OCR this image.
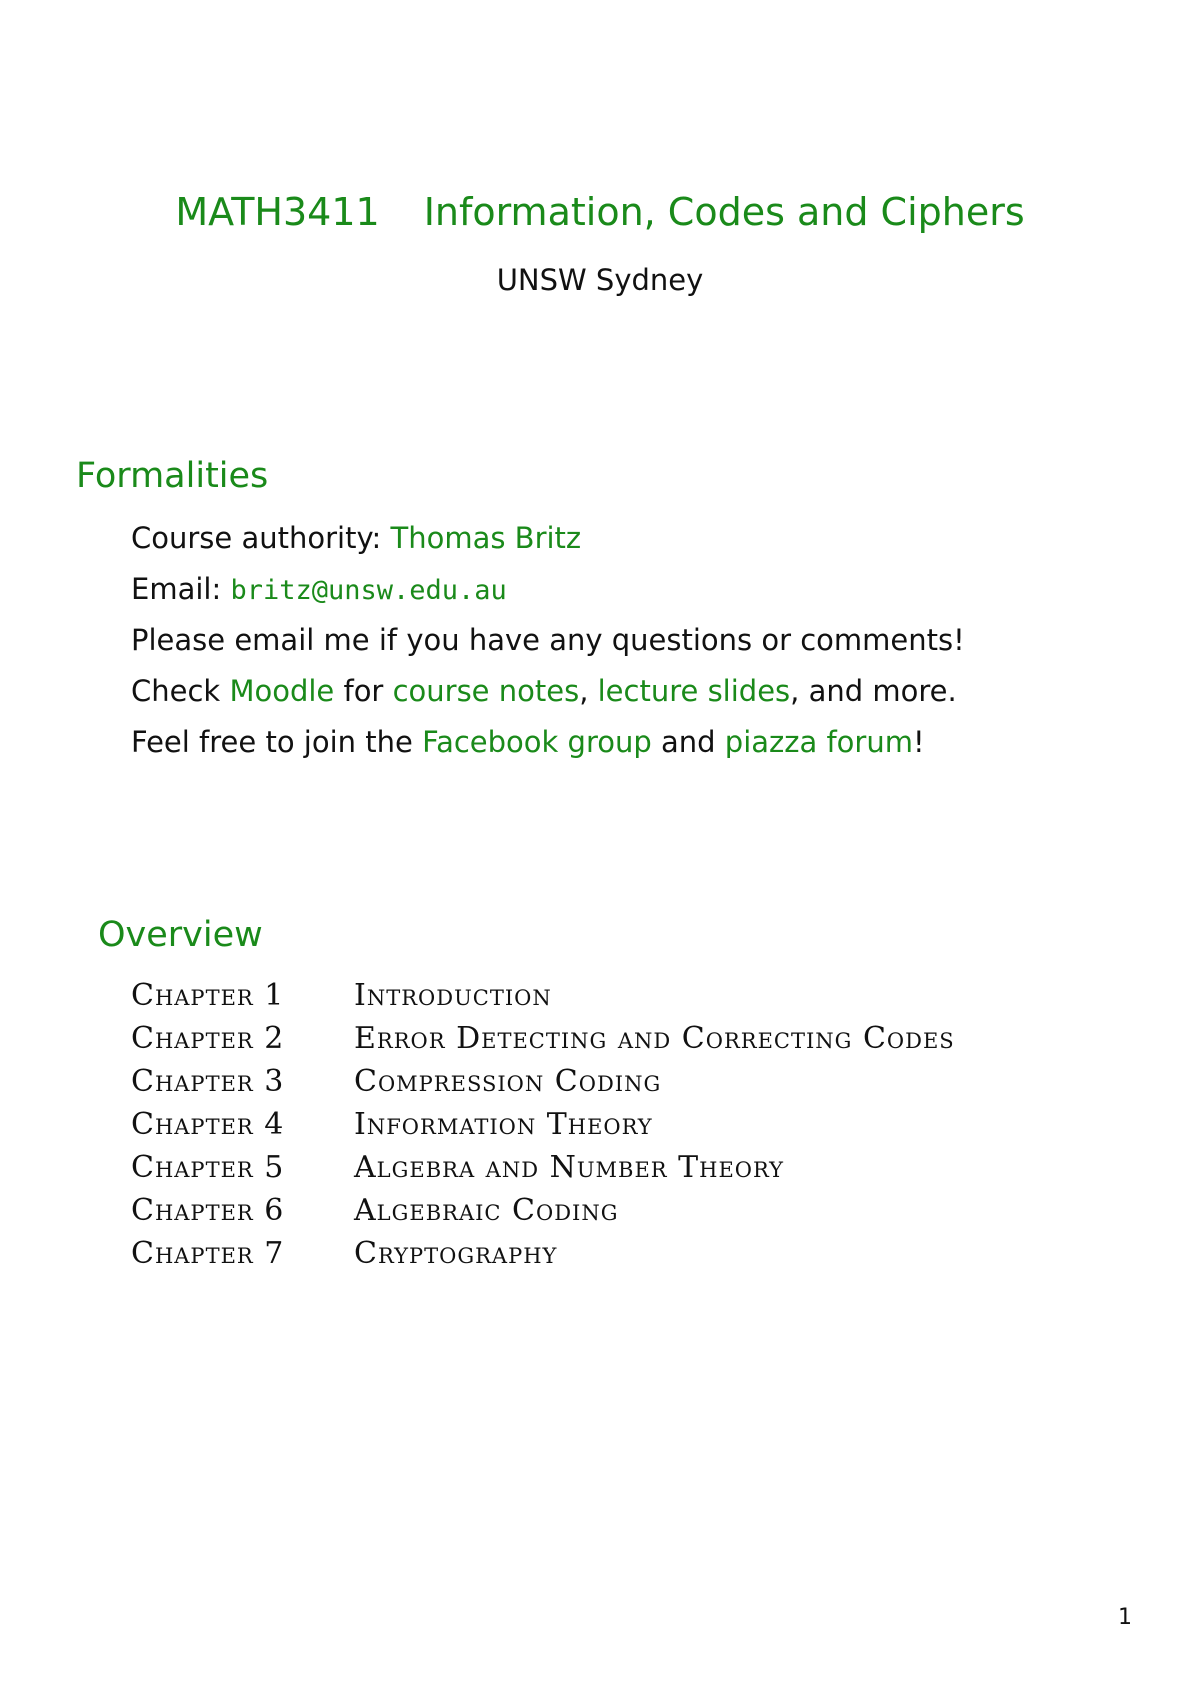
MATH3411 Information, Codes and Ciphers
UNSW Sydney
Formalities
Course authority: Thomas Britz
Email: britz@unsw.edu.au
Please email me if you have any questions or comments!
Check Moodle for course notes, lecture slides, and more.
Feel free to join the Facebook group and piazza forum!
Overview
Chapter 1	Introduction
Chapter 2	Error Detecting and Correcting Codes
Chapter 3	Compression Coding
Chapter 4	Information Theory
Chapter 5	Algebra and Number Theory
Chapter 6	Algebraic Coding
Chapter 7	Cryptography
1
